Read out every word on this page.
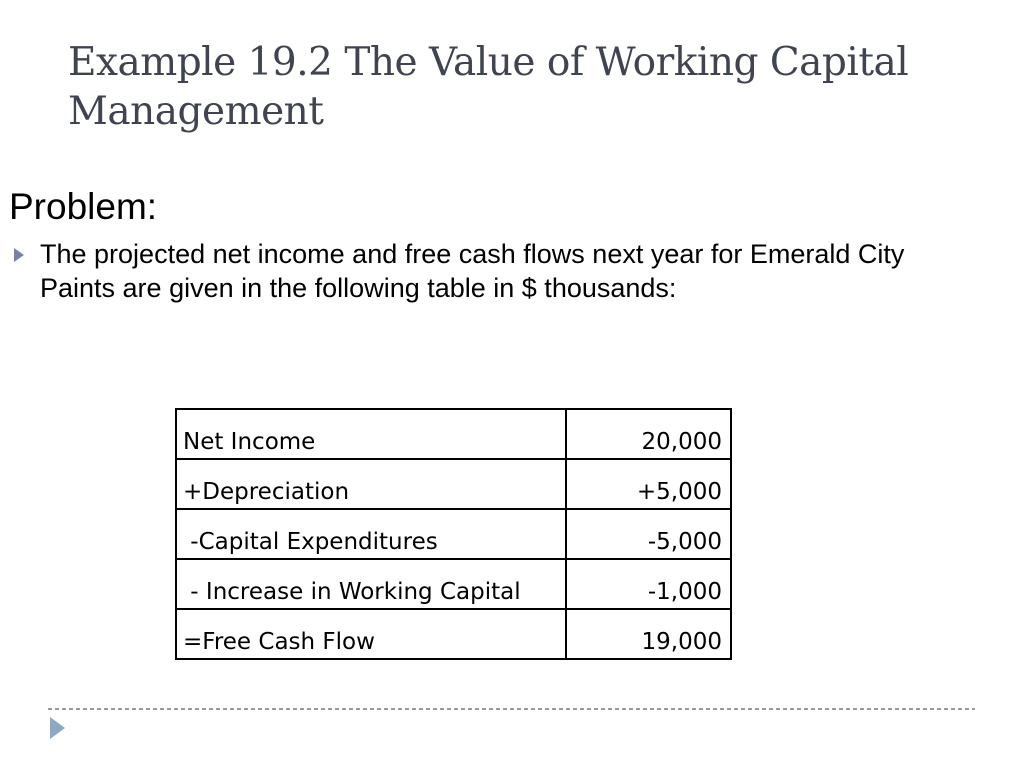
Example 19.2 The Value of Working Capital Management
Problem:
The projected net income and free cash flows next year for Emerald City Paints are given in the following table in $ thousands:
Net Income	20,000
+Depreciation	+5,000
-Capital Expenditures	-5,000
- Increase in Working Capital	-1,000
=Free Cash Flow	19,000
